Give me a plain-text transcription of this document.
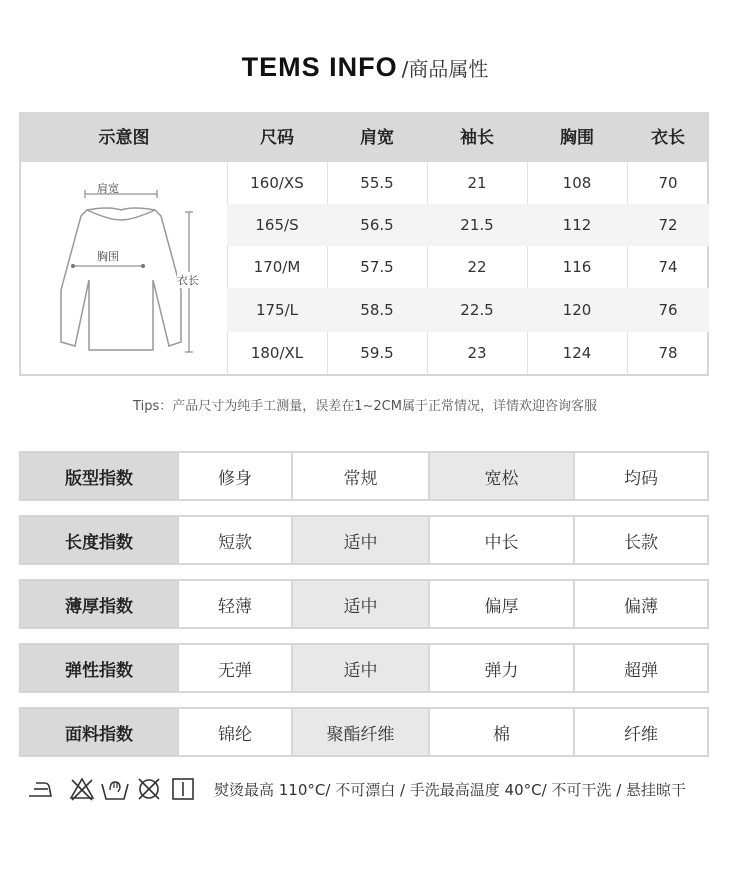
TEMS INFO /商品属性
示意图	尺码	肩宽	袖长	胸围	衣长
肩宽
胸围
衣长
160/XS	55.5	21	108	70
165/S	56.5	21.5	112	72
170/M	57.5	22	116	74
175/L	58.5	22.5	120	76
180/XL	59.5	23	124	78
Tips：产品尺寸为纯手工测量，误差在1~2CM属于正常情况，详情欢迎咨询客服
版型指数	修身	常规	宽松	均码
长度指数	短款	适中	中长	长款
薄厚指数	轻薄	适中	偏厚	偏薄
弹性指数	无弹	适中	弹力	超弹
面料指数	锦纶	聚酯纤维	棉	纤维
熨烫最高 110°C/ 不可漂白 / 手洗最高温度 40°C/ 不可干洗 / 悬挂晾干
